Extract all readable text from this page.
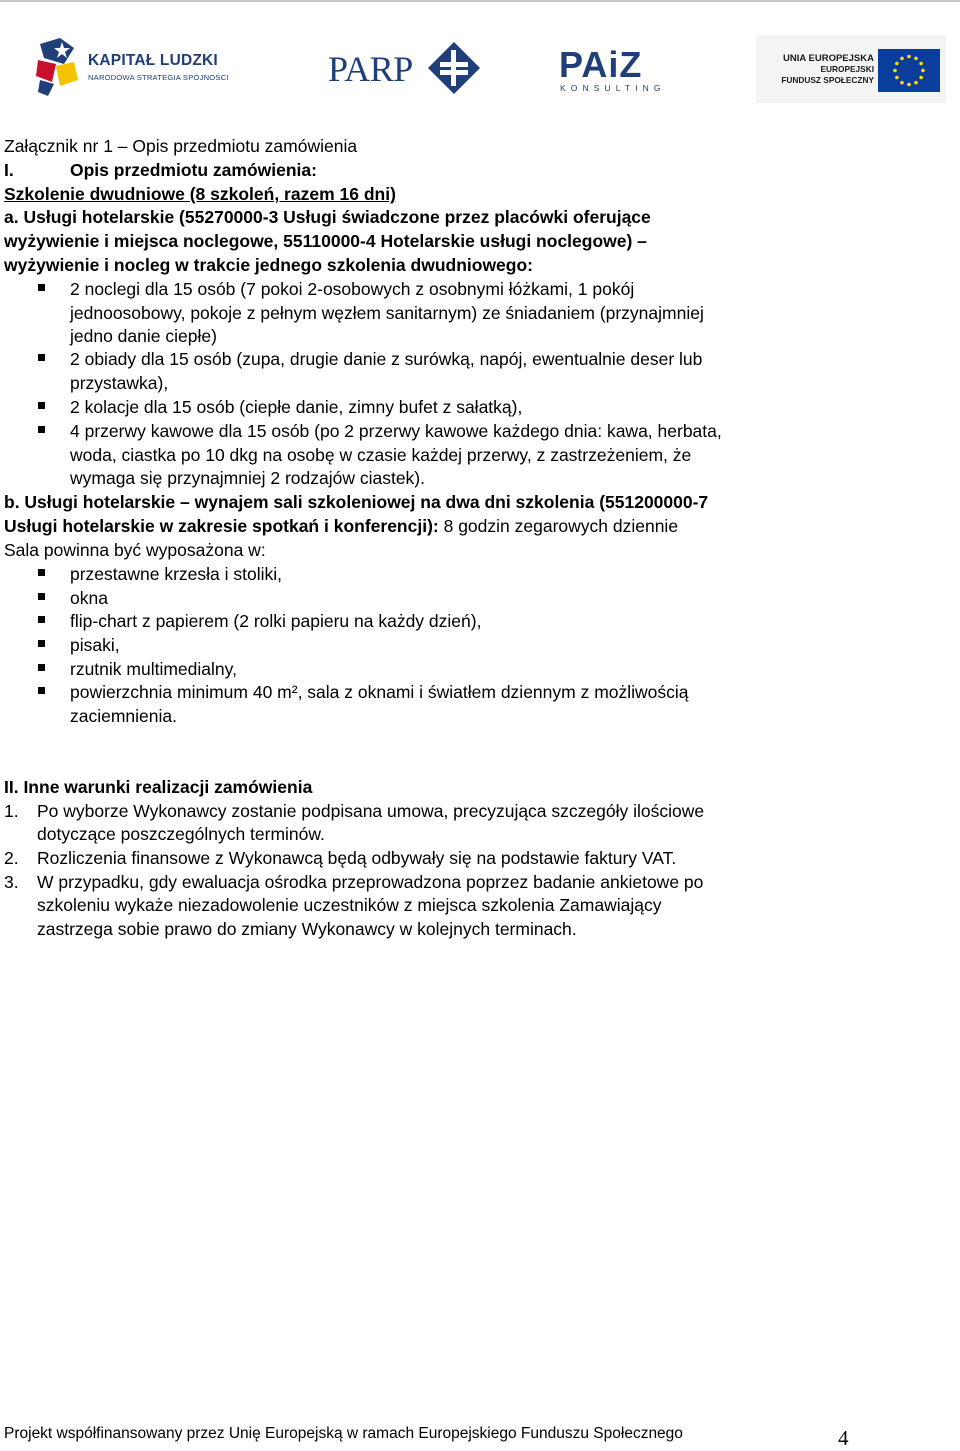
KAPITAŁ LUDZKI
NARODOWA STRATEGIA SPÓJNOŚCI	PARP	PAiZ
KONSULTING
UNIA EUROPEJSKA
EUROPEJSKI
FUNDUSZ SPOŁECZNY
Załącznik nr 1 – Opis przedmiotu zamówienia
I.	Opis przedmiotu zamówienia:
Szkolenie dwudniowe (8 szkoleń, razem 16 dni)
a. Usługi hotelarskie (55270000-3 Usługi świadczone przez placówki oferujące
wyżywienie i miejsca noclegowe, 55110000-4 Hotelarskie usługi noclegowe) –
wyżywienie i nocleg w trakcie jednego szkolenia dwudniowego:
2 noclegi dla 15 osób (7 pokoi 2-osobowych z osobnymi łóżkami, 1 pokój
jednoosobowy, pokoje z pełnym węzłem sanitarnym) ze śniadaniem (przynajmniej
jedno danie ciepłe)
2 obiady dla 15 osób (zupa, drugie danie z surówką, napój, ewentualnie deser lub
przystawka),
2 kolacje dla 15 osób (ciepłe danie, zimny bufet z sałatką),
4 przerwy kawowe dla 15 osób (po 2 przerwy kawowe każdego dnia: kawa, herbata,
woda, ciastka po 10 dkg na osobę w czasie każdej przerwy, z zastrzeżeniem, że
wymaga się przynajmniej 2 rodzajów ciastek).
b. Usługi hotelarskie – wynajem sali szkoleniowej na dwa dni szkolenia (551200000-7
Usługi hotelarskie w zakresie spotkań i konferencji): 8 godzin zegarowych dziennie
Sala powinna być wyposażona w:
przestawne krzesła i stoliki,
okna
flip-chart z papierem (2 rolki papieru na każdy dzień),
pisaki,
rzutnik multimedialny,
powierzchnia minimum 40 m², sala z oknami i światłem dziennym z możliwością
zaciemnienia.
II. Inne warunki realizacji zamówienia
1. Po wyborze Wykonawcy zostanie podpisana umowa, precyzująca szczegóły ilościowe
dotyczące poszczególnych terminów.
2. Rozliczenia finansowe z Wykonawcą będą odbywały się na podstawie faktury VAT.
3. W przypadku, gdy ewaluacja ośrodka przeprowadzona poprzez badanie ankietowe po
szkoleniu wykaże niezadowolenie uczestników z miejsca szkolenia Zamawiający
zastrzega sobie prawo do zmiany Wykonawcy w kolejnych terminach.
Projekt współfinansowany przez Unię Europejską w ramach Europejskiego Funduszu Społecznego	4
